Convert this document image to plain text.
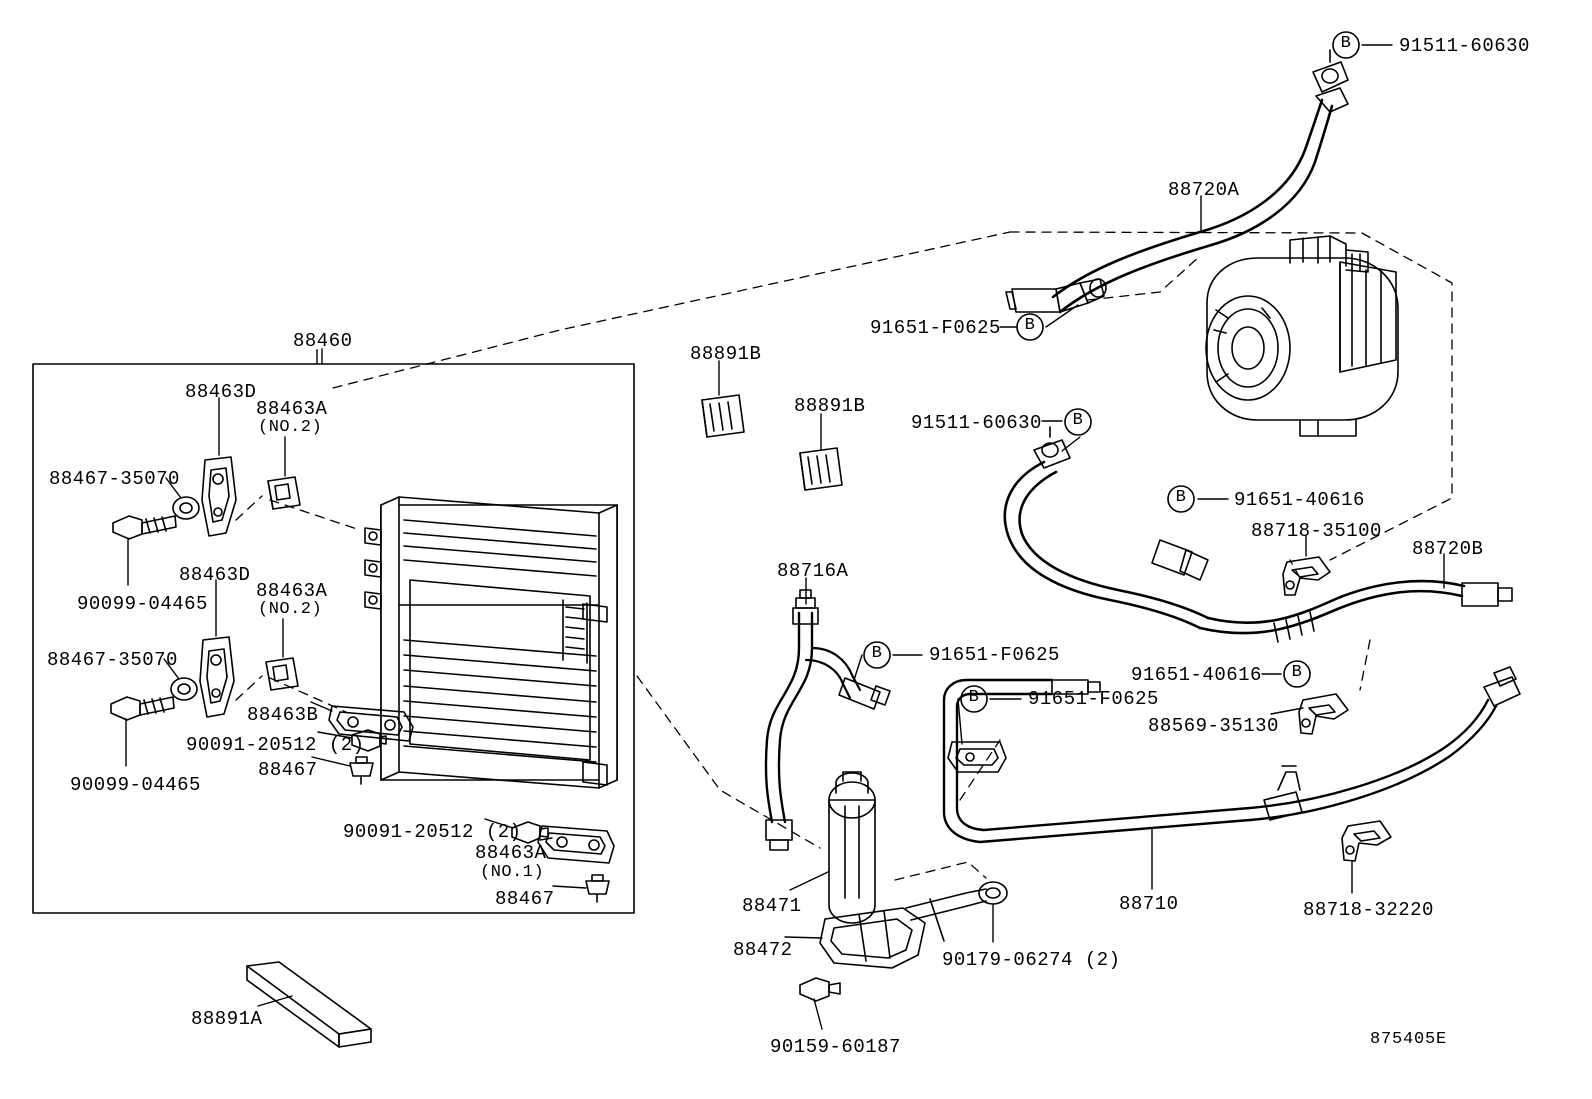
88460
88463D
88463A
(NO.2)
88467-35070
90099-04465
88463D
88463A
(NO.2)
88467-35070
90099-04465
88463B
90091-20512 (2)
88467
90091-20512 (2)
88463A
(NO.1)
88467
88891A
88891B
88891B
88716A
91651-F0625
91651-F0625
88471
88472	90179-06274 (2)
90159-60187
91511-60630
88720A
91651-F0625
91511-60630
91651-40616
88718-35100
88720B
91651-40616
88569-35130
88710	88718-32220
875405E
B
B
B
B
B
B
B
